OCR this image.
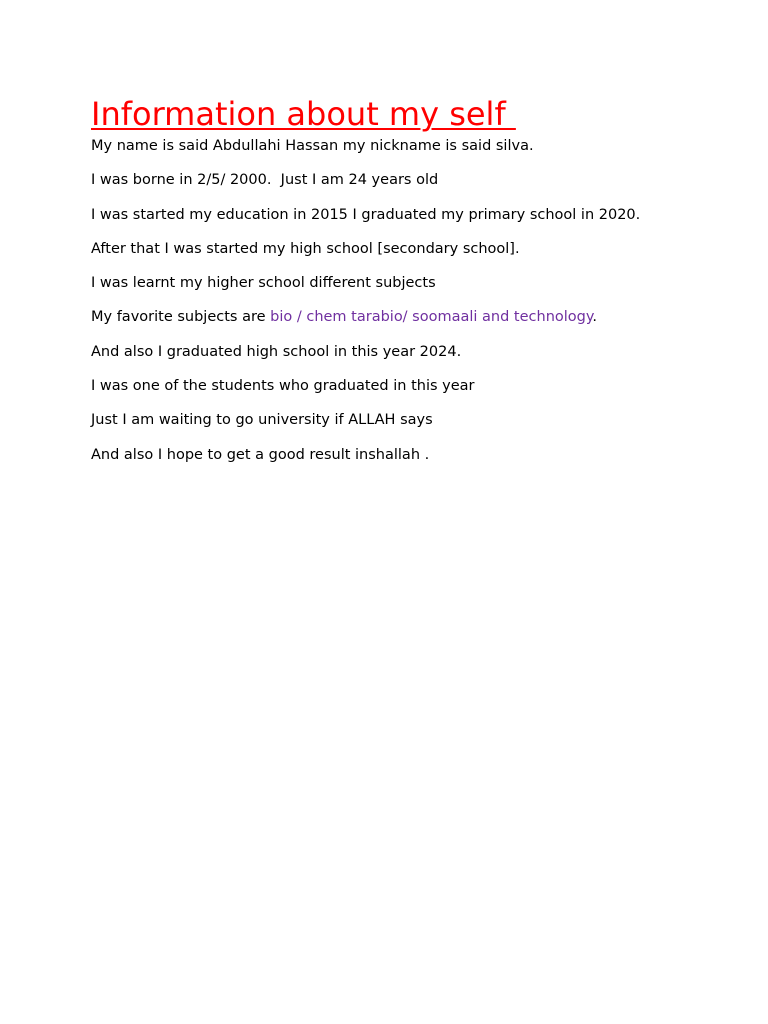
Information about my self
My name is said Abdullahi Hassan my nickname is said silva.
I was borne in 2/5/ 2000.  Just I am 24 years old
I was started my education in 2015 I graduated my primary school in 2020.
After that I was started my high school [secondary school].
I was learnt my higher school different subjects
My favorite subjects are bio / chem tarabio/ soomaali and technology.
And also I graduated high school in this year 2024.
I was one of the students who graduated in this year
Just I am waiting to go university if ALLAH says
And also I hope to get a good result inshallah .
